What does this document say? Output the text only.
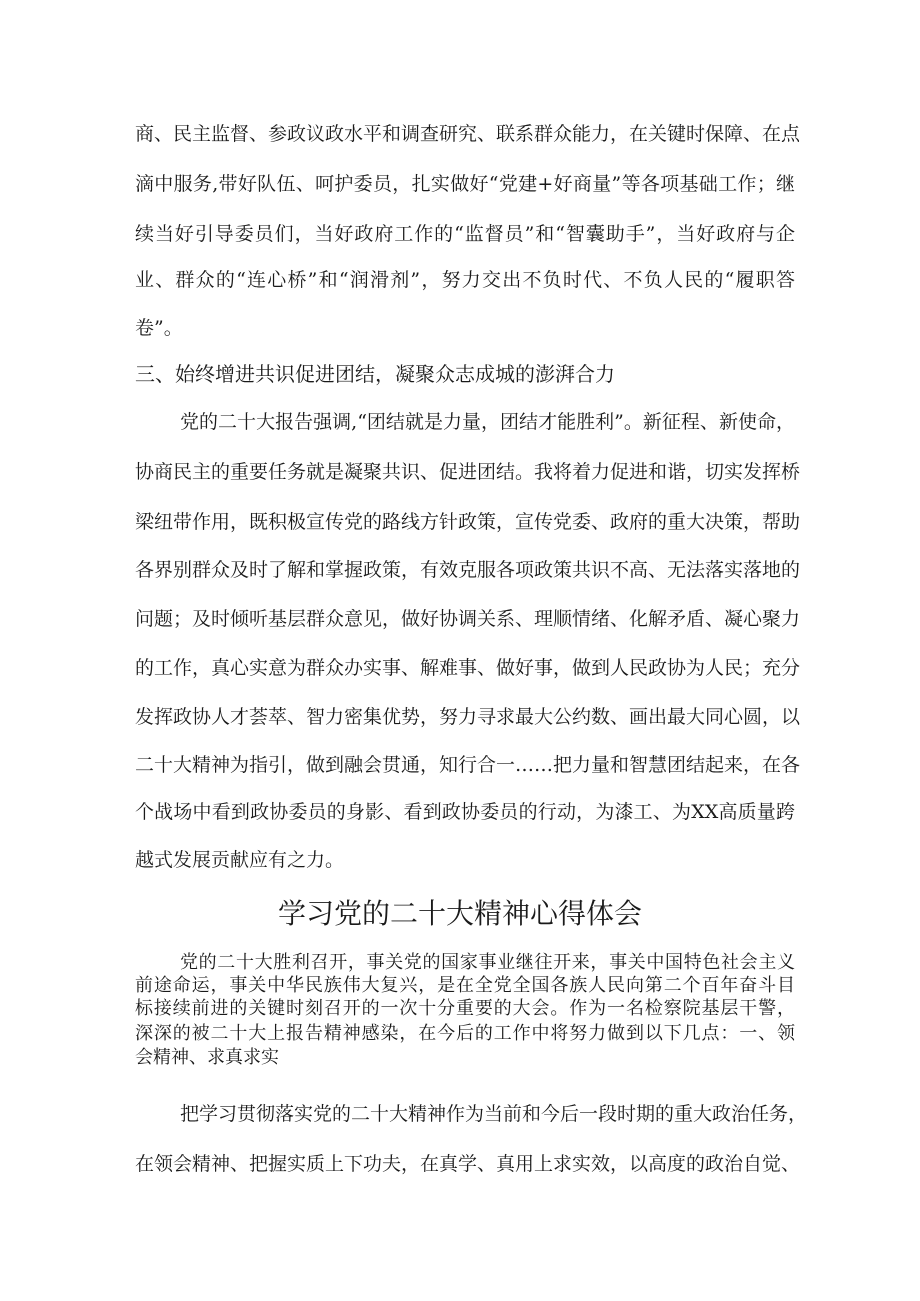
商、民主监督、参政议政水平和调查研究、联系群众能力，在关键时保障、在点
滴中服务,带好队伍、呵护委员，扎实做好“党建+好商量”等各项基础工作；继
续当好引导委员们，当好政府工作的“监督员”和“智囊助手”，当好政府与企
业、群众的“连心桥”和“润滑剂”，努力交出不负时代、不负人民的“履职答
卷”。
三、始终增进共识促进团结，凝聚众志成城的澎湃合力
党的二十大报告强调,“团结就是力量，团结才能胜利”。新征程、新使命，
协商民主的重要任务就是凝聚共识、促进团结。我将着力促进和谐，切实发挥桥
梁纽带作用，既积极宣传党的路线方针政策，宣传党委、政府的重大决策，帮助
各界别群众及时了解和掌握政策，有效克服各项政策共识不高、无法落实落地的
问题；及时倾听基层群众意见，做好协调关系、理顺情绪、化解矛盾、凝心聚力
的工作，真心实意为群众办实事、解难事、做好事，做到人民政协为人民；充分
发挥政协人才荟萃、智力密集优势，努力寻求最大公约数、画出最大同心圆，以
二十大精神为指引，做到融会贯通，知行合一……把力量和智慧团结起来，在各
个战场中看到政协委员的身影、看到政协委员的行动，为漆工、为XX高质量跨
越式发展贡献应有之力。
学习党的二十大精神心得体会
党的二十大胜利召开，事关党的国家事业继往开来，事关中国特色社会主义
前途命运，事关中华民族伟大复兴，是在全党全国各族人民向第二个百年奋斗目
标接续前进的关键时刻召开的一次十分重要的大会。作为一名检察院基层干警，
深深的被二十大上报告精神感染，在今后的工作中将努力做到以下几点：一、领
会精神、求真求实
把学习贯彻落实党的二十大精神作为当前和今后一段时期的重大政治任务，
在领会精神、把握实质上下功夫，在真学、真用上求实效，以高度的政治自觉、
